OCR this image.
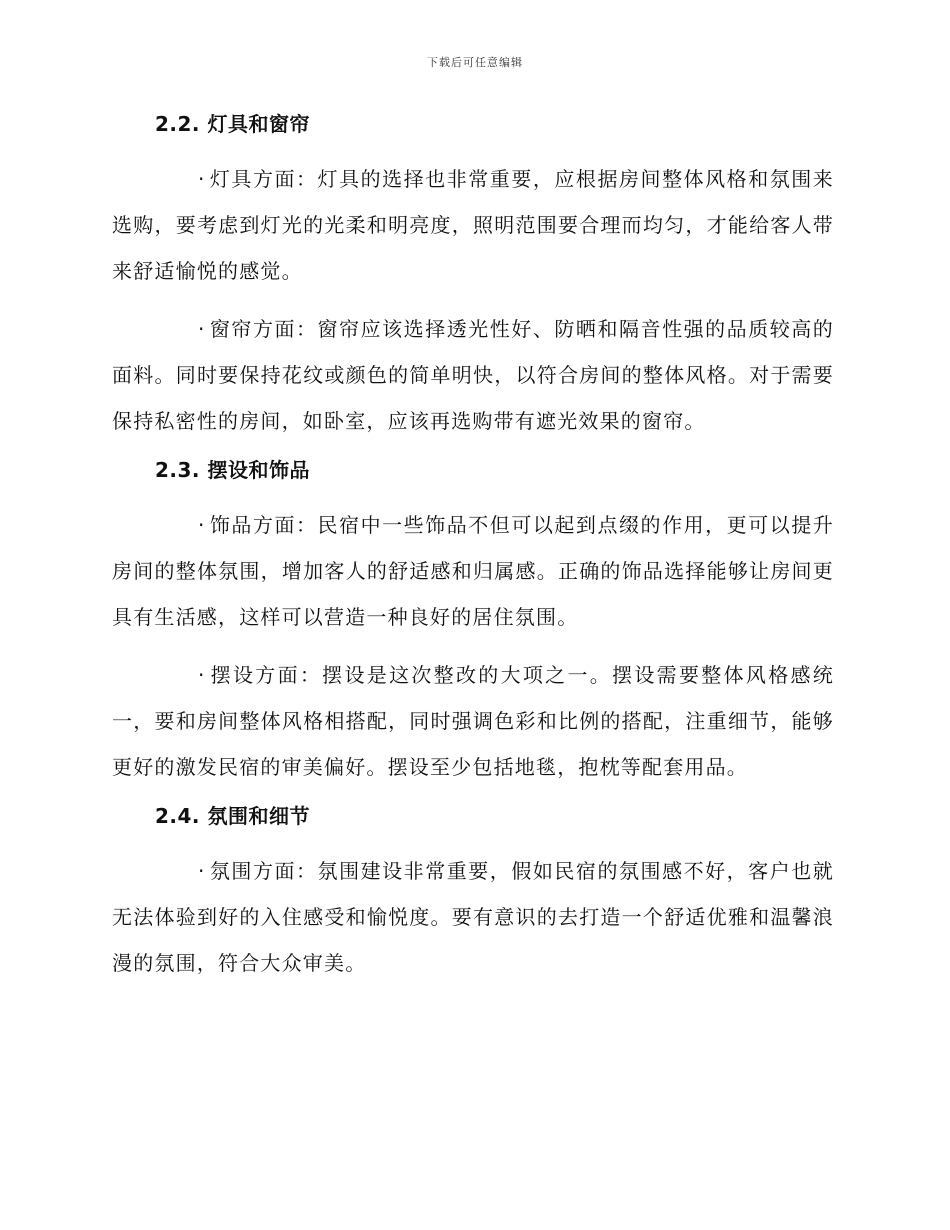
下载后可任意编辑
2.2. 灯具和窗帘

· 灯具方面：灯具的选择也非常重要，应根据房间整体风格和氛围来选购，要考虑到灯光的光柔和明亮度，照明范围要合理而均匀，才能给客人带来舒适愉悦的感觉。

· 窗帘方面：窗帘应该选择透光性好、防晒和隔音性强的品质较高的面料。同时要保持花纹或颜色的简单明快，以符合房间的整体风格。对于需要保持私密性的房间，如卧室，应该再选购带有遮光效果的窗帘。

2.3. 摆设和饰品

· 饰品方面：民宿中一些饰品不但可以起到点缀的作用，更可以提升房间的整体氛围，增加客人的舒适感和归属感。正确的饰品选择能够让房间更具有生活感，这样可以营造一种良好的居住氛围。

· 摆设方面：摆设是这次整改的大项之一。摆设需要整体风格感统一，要和房间整体风格相搭配，同时强调色彩和比例的搭配，注重细节，能够更好的激发民宿的审美偏好。摆设至少包括地毯，抱枕等配套用品。

2.4. 氛围和细节

· 氛围方面：氛围建设非常重要，假如民宿的氛围感不好，客户也就无法体验到好的入住感受和愉悦度。要有意识的去打造一个舒适优雅和温馨浪漫的氛围，符合大众审美。
